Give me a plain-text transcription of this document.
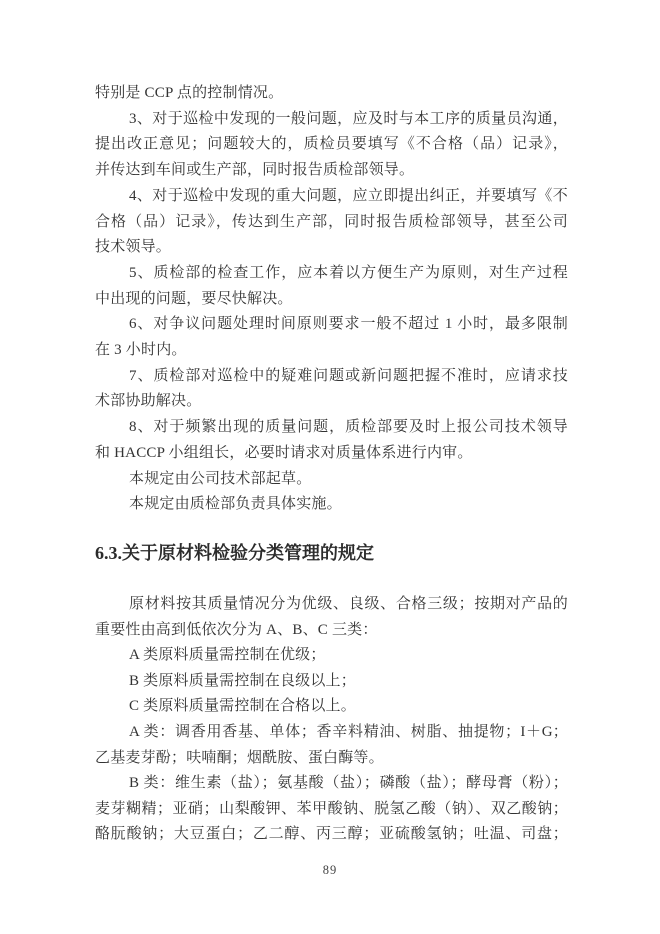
特别是 CCP 点的控制情况。
3、对于巡检中发现的一般问题，应及时与本工序的质量员沟通，
提出改正意见；问题较大的，质检员要填写《不合格（品）记录》，
并传达到车间或生产部，同时报告质检部领导。
4、对于巡检中发现的重大问题，应立即提出纠正，并要填写《不
合格（品）记录》，传达到生产部，同时报告质检部领导，甚至公司
技术领导。
5、质检部的检查工作，应本着以方便生产为原则，对生产过程
中出现的问题，要尽快解决。
6、对争议问题处理时间原则要求一般不超过 1 小时，最多限制
在 3 小时内。
7、质检部对巡检中的疑难问题或新问题把握不准时，应请求技
术部协助解决。
8、对于频繁出现的质量问题，质检部要及时上报公司技术领导
和 HACCP 小组组长，必要时请求对质量体系进行内审。
本规定由公司技术部起草。
本规定由质检部负责具体实施。
6.3.关于原材料检验分类管理的规定
原材料按其质量情况分为优级、良级、合格三级；按期对产品的
重要性由高到低依次分为 A、B、C 三类：
A 类原料质量需控制在优级；
B 类原料质量需控制在良级以上；
C 类原料质量需控制在合格以上。
A 类：调香用香基、单体；香辛料精油、树脂、抽提物；I＋G；
乙基麦芽酚；呋喃酮；烟酰胺、蛋白酶等。
B 类：维生素（盐）；氨基酸（盐）；磷酸（盐）；酵母膏（粉）；
麦芽糊精；亚硝；山梨酸钾、苯甲酸钠、脱氢乙酸（钠）、双乙酸钠；
酪朊酸钠；大豆蛋白；乙二醇、丙三醇；亚硫酸氢钠；吐温、司盘；
89
